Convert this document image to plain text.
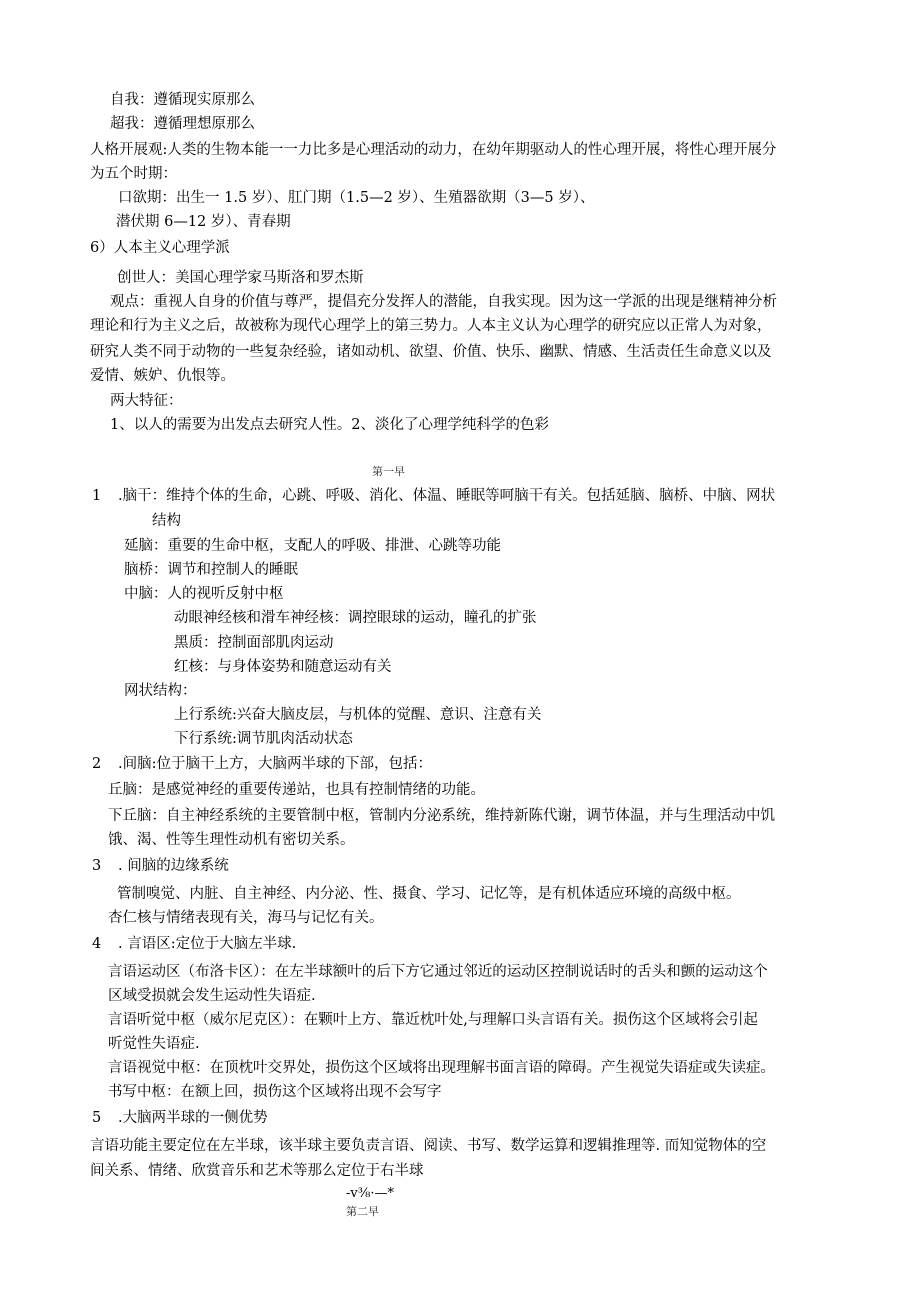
自我：遵循现实原那么
超我：遵循理想原那么
人格开展观:人类的生物本能一一力比多是心理活动的动力，在幼年期驱动人的性心理开展，将性心理开展分
为五个时期：
口欲期：出生一 1.5 岁）、肛门期（1.5—2 岁）、生殖器欲期（3—5 岁）、
潜伏期 6—12 岁）、青春期
6）人本主义心理学派
创世人：美国心理学家马斯洛和罗杰斯
观点：重视人自身的价值与尊严，提倡充分发挥人的潜能，自我实现。因为这一学派的出现是继精神分析
理论和行为主义之后，故被称为现代心理学上的第三势力。人本主义认为心理学的研究应以正常人为对象，
研究人类不同于动物的一些复杂经验，诸如动机、欲望、价值、快乐、幽默、情感、生活责任生命意义以及
爱情、嫉妒、仇恨等。
两大特征：
1、以人的需要为出发点去研究人性。2、淡化了心理学纯科学的色彩
第一早
1 .脑干：维持个体的生命，心跳、呼吸、消化、体温、睡眠等呵脑干有关。包括延脑、脑桥、中脑、网状
结构
延脑：重要的生命中枢，支配人的呼吸、排泄、心跳等功能
脑桥：调节和控制人的睡眠
中脑：人的视听反射中枢
动眼神经核和滑车神经核：调控眼球的运动，瞳孔的扩张
黑质：控制面部肌肉运动
红核：与身体姿势和随意运动有关
网状结构：
上行系统:兴奋大脑皮层，与机体的觉醒、意识、注意有关
下行系统:调节肌肉活动状态
2 .间脑:位于脑干上方，大脑两半球的下部，包括：
丘脑：是感觉神经的重要传递站，也具有控制情绪的功能。
下丘脑：自主神经系统的主要管制中枢，管制内分泌系统，维持新陈代谢，调节体温，并与生理活动中饥
饿、渴、性等生理性动机有密切关系。
3 . 间脑的边缘系统
管制嗅觉、内脏、自主神经、内分泌、性、摄食、学习、记忆等，是有机体适应环境的高级中枢。
杏仁核与情绪表现有关，海马与记忆有关。
4 . 言语区:定位于大脑左半球.
言语运动区（布洛卡区）：在左半球额叶的后下方它通过邻近的运动区控制说话时的舌头和颤的运动这个
区域受损就会发生运动性失语症.
言语听觉中枢（威尔尼克区）：在颗叶上方、靠近枕叶处,与理解口头言语有关。损伤这个区域将会引起
听觉性失语症.
言语视觉中枢：在顶枕叶交界处，损伤这个区域将出现理解书面言语的障碍。产生视觉失语症或失读症。
书写中枢：在额上回，损伤这个区域将出现不会写字
5 .大脑两半球的一侧优势
言语功能主要定位在左半球，该半球主要负责言语、阅读、书写、数学运算和逻辑推理等. 而知觉物体的空
间关系、情绪、欣赏音乐和艺术等那么定位于右半球
-v⅜·—*
第二早
